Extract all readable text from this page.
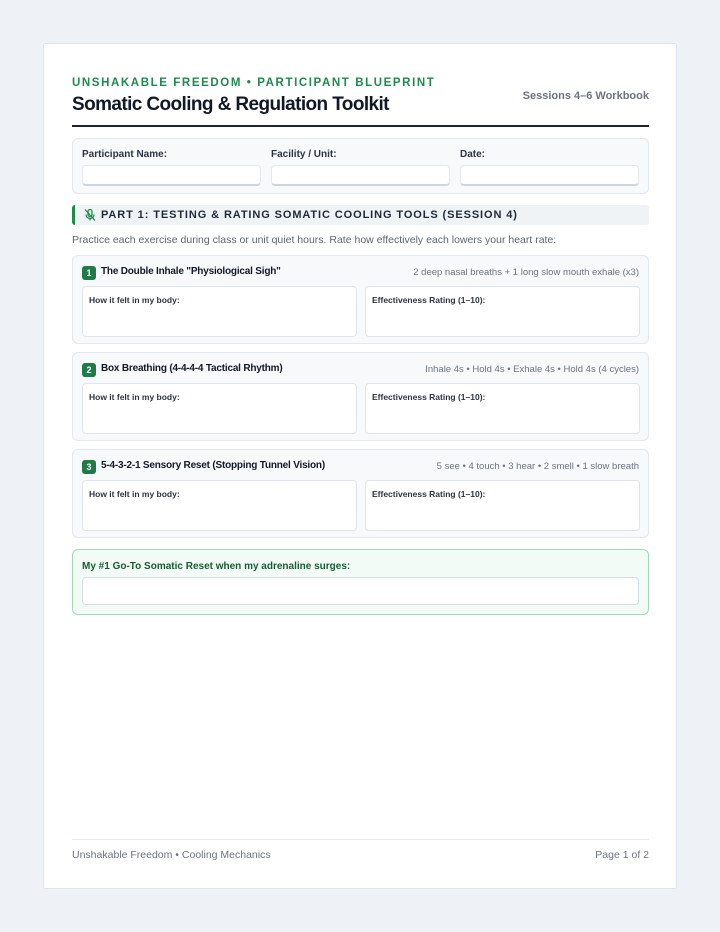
UNSHAKABLE FREEDOM • PARTICIPANT BLUEPRINT
Somatic Cooling & Regulation Toolkit	Sessions 4–6 Workbook
Participant Name:	Facility / Unit:	Date:
PART 1: TESTING & RATING SOMATIC COOLING TOOLS (SESSION 4)
Practice each exercise during class or unit quiet hours. Rate how effectively each lowers your heart rate:
1 The Double Inhale "Physiological Sigh"	2 deep nasal breaths + 1 long slow mouth exhale (x3)
How it felt in my body:	Effectiveness Rating (1–10):
2 Box Breathing (4-4-4-4 Tactical Rhythm)	Inhale 4s • Hold 4s • Exhale 4s • Hold 4s (4 cycles)
How it felt in my body:	Effectiveness Rating (1–10):
3 5-4-3-2-1 Sensory Reset (Stopping Tunnel Vision)	5 see • 4 touch • 3 hear • 2 smell • 1 slow breath
How it felt in my body:	Effectiveness Rating (1–10):
My #1 Go-To Somatic Reset when my adrenaline surges:
Unshakable Freedom • Cooling Mechanics	Page 1 of 2
